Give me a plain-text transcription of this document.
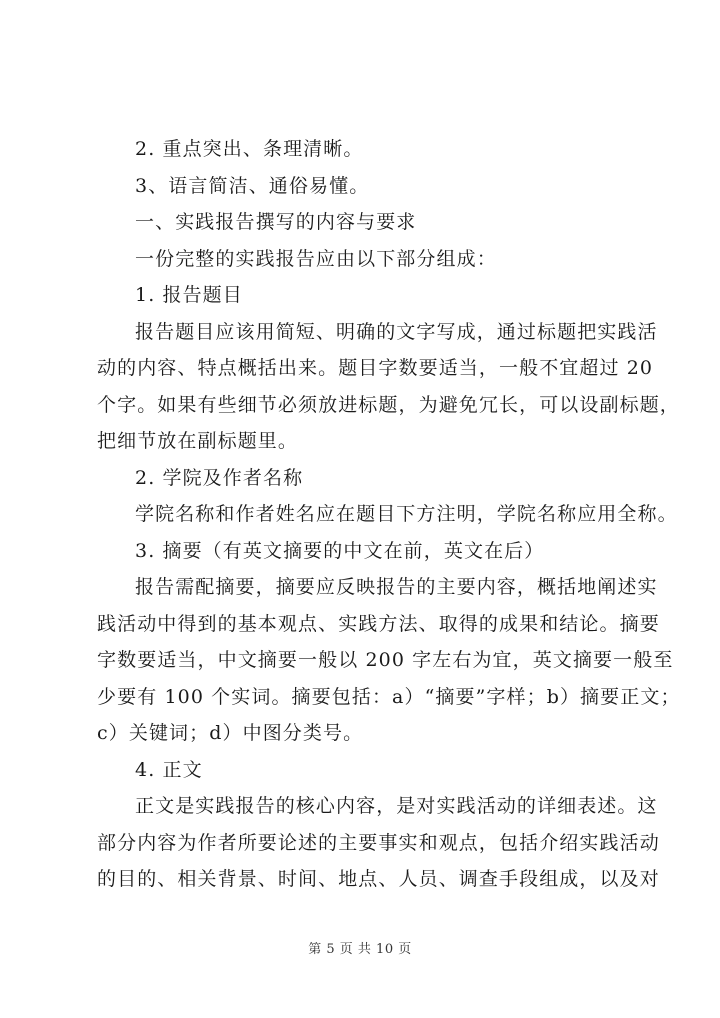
2. 重点突出、条理清晰。
3、语言简洁、通俗易懂。
一、实践报告撰写的内容与要求
一份完整的实践报告应由以下部分组成：
1. 报告题目
报告题目应该用简短、明确的文字写成，通过标题把实践活
动的内容、特点概括出来。题目字数要适当，一般不宜超过 20
个字。如果有些细节必须放进标题，为避免冗长，可以设副标题，
把细节放在副标题里。
2. 学院及作者名称
学院名称和作者姓名应在题目下方注明，学院名称应用全称。
3. 摘要（有英文摘要的中文在前，英文在后）
报告需配摘要，摘要应反映报告的主要内容，概括地阐述实
践活动中得到的基本观点、实践方法、取得的成果和结论。摘要
字数要适当，中文摘要一般以 200 字左右为宜，英文摘要一般至
少要有 100 个实词。摘要包括：a）“摘要”字样；b）摘要正文；
c）关键词；d）中图分类号。
4. 正文
正文是实践报告的核心内容，是对实践活动的详细表述。这
部分内容为作者所要论述的主要事实和观点，包括介绍实践活动
的目的、相关背景、时间、地点、人员、调查手段组成，以及对
第 5 页 共 10 页
